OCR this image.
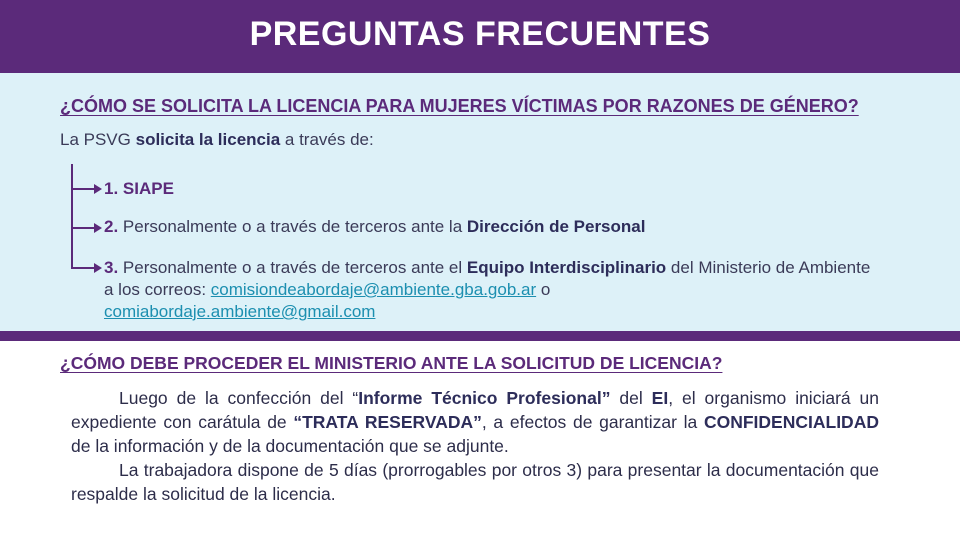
PREGUNTAS FRECUENTES
¿CÓMO SE SOLICITA LA LICENCIA PARA MUJERES VÍCTIMAS POR RAZONES DE GÉNERO?
La PSVG solicita la licencia a través de:
1. SIAPE
2. Personalmente o a través de terceros ante la Dirección de Personal
3. Personalmente o a través de terceros ante el Equipo Interdisciplinario del Ministerio de Ambiente a los correos: comisiondeabordaje@ambiente.gba.gob.ar o
comiabordaje.ambiente@gmail.com
¿CÓMO DEBE PROCEDER EL MINISTERIO ANTE LA SOLICITUD DE LICENCIA?

Luego de la confección del “Informe Técnico Profesional” del EI, el organismo iniciará un expediente con carátula de “TRATA RESERVADA”, a efectos de garantizar la CONFIDENCIALIDAD de la información y de la documentación que se adjunte.

La trabajadora dispone de 5 días (prorrogables por otros 3) para presentar la documentación que respalde la solicitud de la licencia.
